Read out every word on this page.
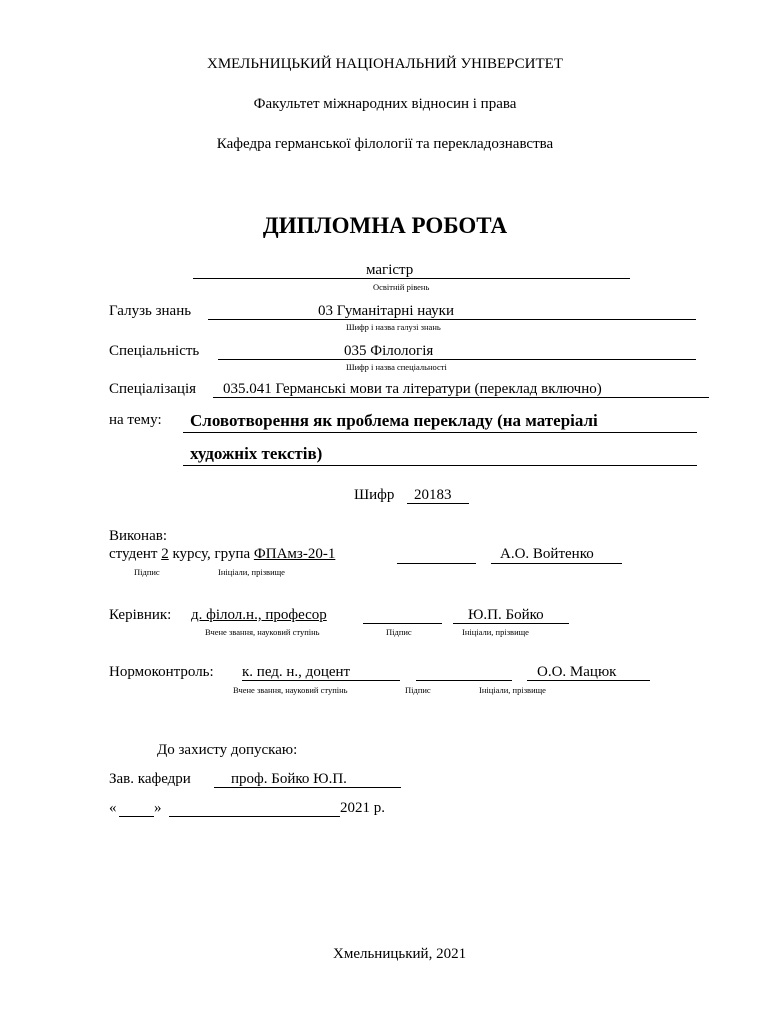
ХМЕЛЬНИЦЬКИЙ НАЦІОНАЛЬНИЙ УНІВЕРСИТЕТ
Факультет міжнародних відносин і права
Кафедра германської філології та перекладознавства
ДИПЛОМНА РОБОТА
магістр
Освітній рівень
Галузь знань	03 Гуманітарні науки
Шифр і назва галузі знань
Спеціальність	035 Філологія
Шифр і назва спеціальності
Спеціалізація 035.041 Германські мови та літератури (переклад включно)
на тему: Словотворення як проблема перекладу (на матеріалі
художніх текстів)
Шифр 20183
Виконав:
студент 2 курсу, група ФПАмз-20-1	А.О. Войтенко
Підпис	Ініціали, прізвище
Керівник: д. філол.н., професор	Ю.П. Бойко
Вчене звання, науковий ступінь	Підпис	Ініціали, прізвище
Нормоконтроль: к. пед. н., доцент	О.О. Мацюк
Вчене звання, науковий ступінь	Підпис	Ініціали, прізвище
До захисту допускаю:
Зав. кафедри	проф. Бойко Ю.П.
«	»	2021 р.
Хмельницький, 2021
